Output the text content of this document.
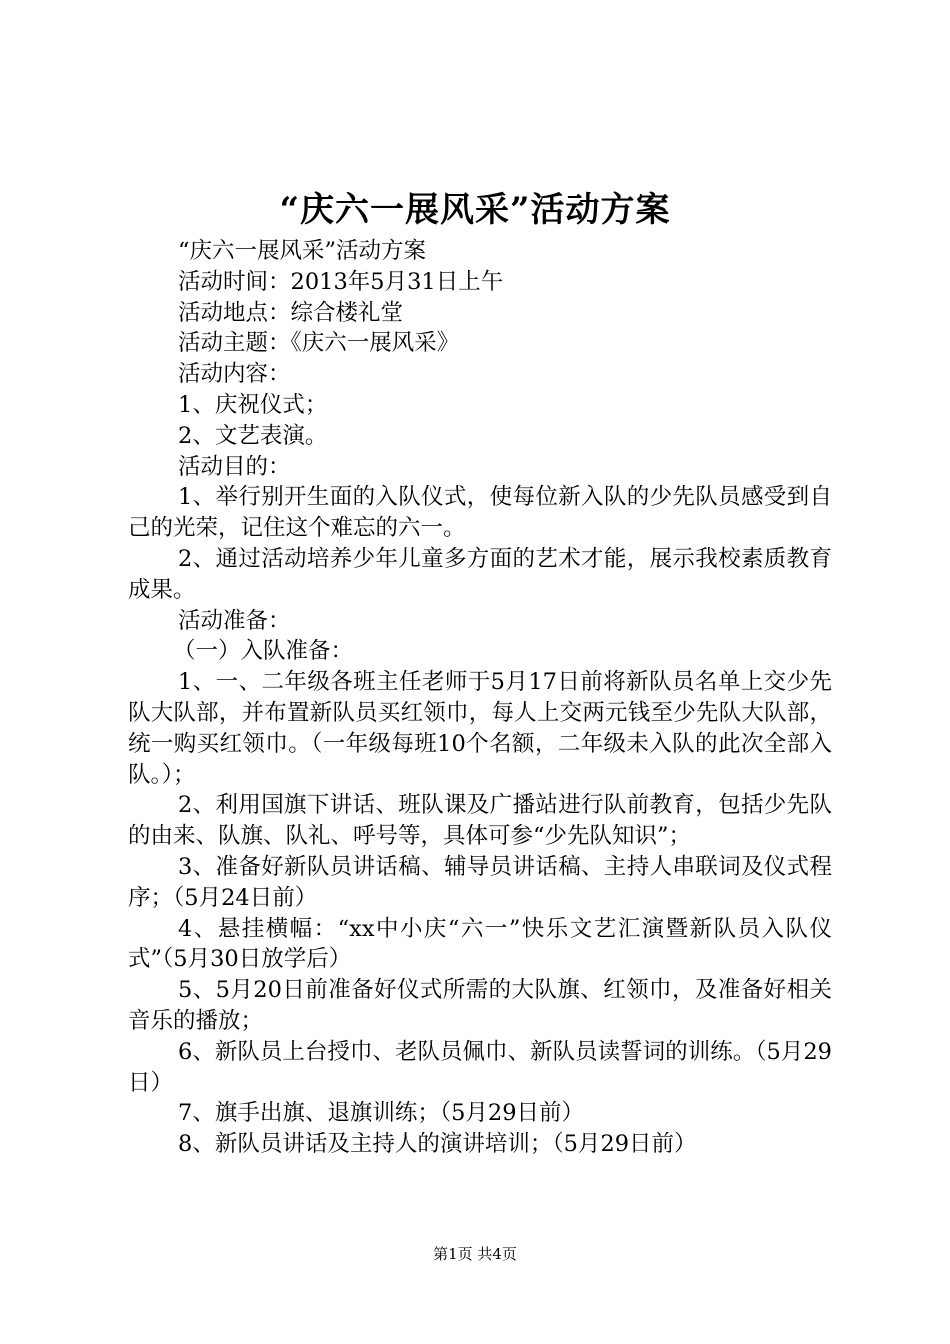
“庆六一展风采”活动方案

“庆六一展风采”活动方案

活动时间：2013年5月31日上午

活动地点：综合楼礼堂

活动主题：《庆六一展风采》

活动内容：

1、庆祝仪式；

2、文艺表演。

活动目的：

1、举行别开生面的入队仪式，使每位新入队的少先队员感受到自己的光荣，记住这个难忘的六一。

2、通过活动培养少年儿童多方面的艺术才能，展示我校素质教育成果。

活动准备：

（一）入队准备：

1、一、二年级各班主任老师于5月17日前将新队员名单上交少先队大队部，并布置新队员买红领巾，每人上交两元钱至少先队大队部，统一购买红领巾。（一年级每班10个名额，二年级未入队的此次全部入队。）；

2、利用国旗下讲话、班队课及广播站进行队前教育，包括少先队的由来、队旗、队礼、呼号等，具体可参“少先队知识”；

3、准备好新队员讲话稿、辅导员讲话稿、主持人串联词及仪式程序；（5月24日前）

4、悬挂横幅：“xx中小庆“六一”快乐文艺汇演暨新队员入队仪式”（5月30日放学后）

5、5月20日前准备好仪式所需的大队旗、红领巾，及准备好相关音乐的播放；

6、新队员上台授巾、老队员佩巾、新队员读誓词的训练。（5月29日）

7、旗手出旗、退旗训练；（5月29日前）

8、新队员讲话及主持人的演讲培训；（5月29日前）

第1页 共4页
